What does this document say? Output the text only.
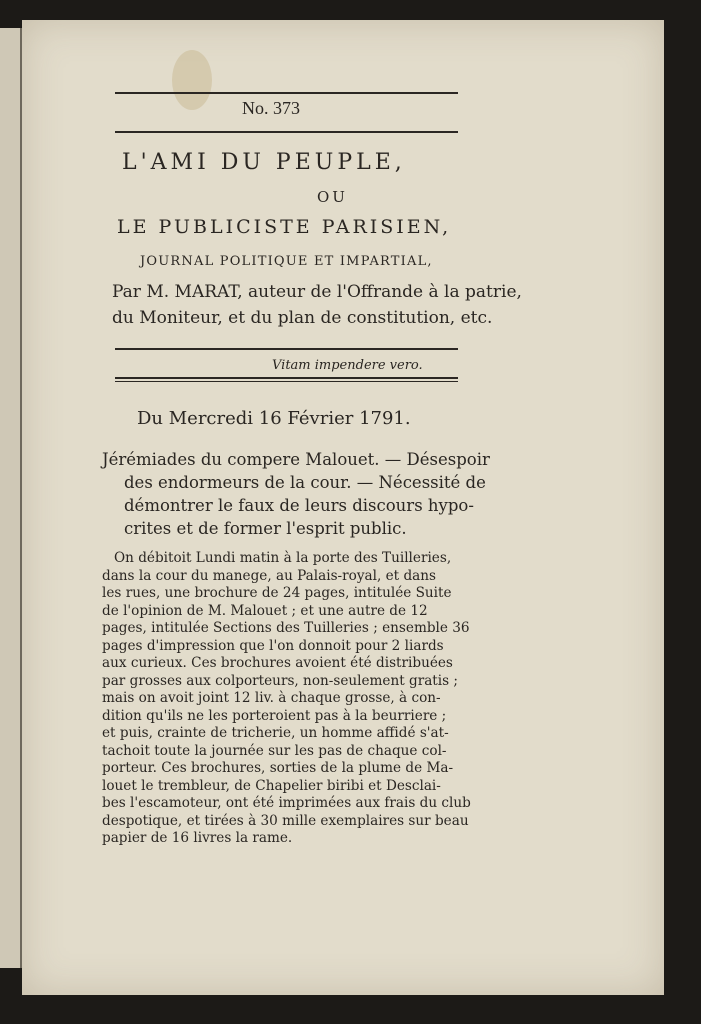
No. 373
L'AMI DU PEUPLE,
OU
LE PUBLICISTE PARISIEN,
JOURNAL POLITIQUE ET IMPARTIAL,
Par M. MARAT, auteur de l'Offrande à la patrie,
du Moniteur, et du plan de constitution, etc.
Vitam impendere vero.
Du Mercredi 16 Février 1791.
Jérémiades du compere Malouet. — Désespoir
des endormeurs de la cour. — Nécessité de
démontrer le faux de leurs discours hypo-
crites et de former l'esprit public.
On débitoit Lundi matin à la porte des Tuilleries,
dans la cour du manege, au Palais-royal, et dans
les rues, une brochure de 24 pages, intitulée Suite
de l'opinion de M. Malouet ; et une autre de 12
pages, intitulée Sections des Tuilleries ; ensemble 36
pages d'impression que l'on donnoit pour 2 liards
aux curieux. Ces brochures avoient été distribuées
par grosses aux colporteurs, non-seulement gratis ;
mais on avoit joint 12 liv. à chaque grosse, à con-
dition qu'ils ne les porteroient pas à la beurriere ;
et puis, crainte de tricherie, un homme affidé s'at-
tachoit toute la journée sur les pas de chaque col-
porteur. Ces brochures, sorties de la plume de Ma-
louet le trembleur, de Chapelier biribi et Desclai-
bes l'escamoteur, ont été imprimées aux frais du club
despotique, et tirées à 30 mille exemplaires sur beau
papier de 16 livres la rame.
